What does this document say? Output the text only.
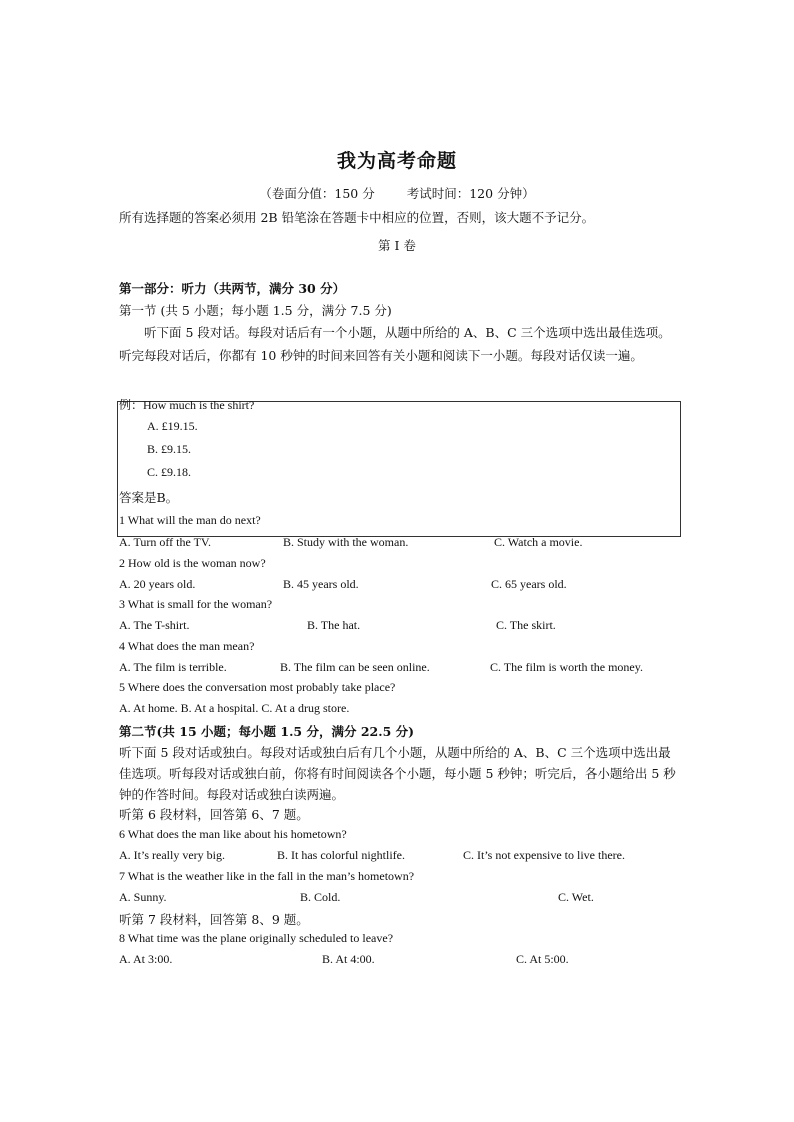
我为高考命题
（卷面分值：150 分	考试时间：120 分钟）
所有选择题的答案必须用 2B 铅笔涂在答题卡中相应的位置，否则，该大题不予记分。
第 I 卷
第一部分：听力（共两节，满分 30 分）
第一节 (共 5 小题；每小题 1.5 分，满分 7.5 分)
听下面 5 段对话。每段对话后有一个小题，从题中所给的 A、B、C 三个选项中选出最佳选项。听完每段对话后，你都有 10 秒钟的时间来回答有关小题和阅读下一小题。每段对话仅读一遍。
例：How much is the shirt?
A. £19.15.
B. £9.15.
C. £9.18.
答案是B。
1 What will the man do next?
A. Turn off the TV.	B. Study with the woman.	C. Watch a movie.
2 How old is the woman now?
A. 20 years old.	B. 45 years old.	C. 65 years old.
3 What is small for the woman?
A. The T-shirt.	B. The hat.	C. The skirt.
4 What does the man mean?
A. The film is terrible.	B. The film can be seen online.	C. The film is worth the money.
5 Where does the conversation most probably take place?
A. At home. B. At a hospital. C. At a drug store.
第二节(共 15 小题；每小题 1.5 分，满分 22.5 分)
听下面 5 段对话或独白。每段对话或独白后有几个小题，从题中所给的 A、B、C 三个选项中选出最佳选项。听每段对话或独白前，你将有时间阅读各个小题，每小题 5 秒钟；听完后，各小题给出 5 秒钟的作答时间。每段对话或独白读两遍。
听第 6 段材料，回答第 6、7 题。
6 What does the man like about his hometown?
A. It’s really very big.	B. It has colorful nightlife.	C. It’s not expensive to live there.
7 What is the weather like in the fall in the man’s hometown?
A. Sunny.	B. Cold.	C. Wet.
听第 7 段材料，回答第 8、9 题。
8 What time was the plane originally scheduled to leave?
A. At 3:00.	B. At 4:00.	C. At 5:00.
